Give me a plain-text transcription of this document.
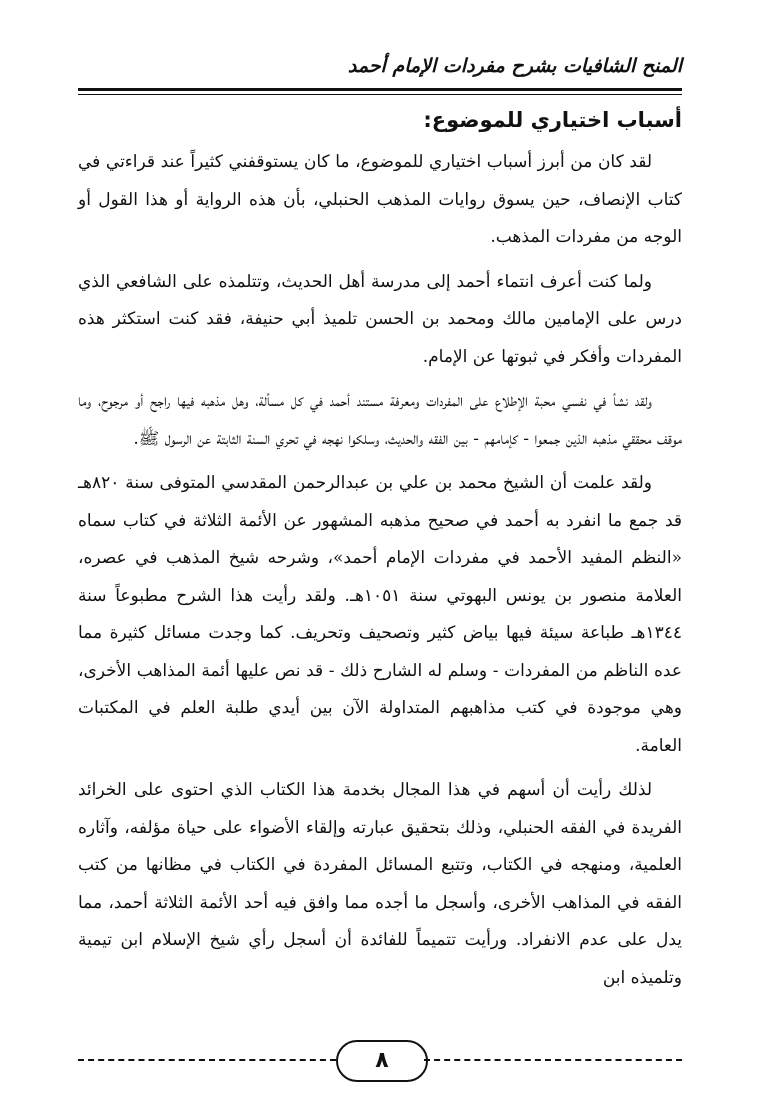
المنح الشافيات بشرح مفردات الإمام أحمد
أسباب اختياري للموضوع:

لقد كان من أبرز أسباب اختياري للموضوع، ما كان يستوقفني كثيراً عند قراءتي في كتاب الإنصاف، حين يسوق روايات المذهب الحنبلي، بأن هذه الرواية أو هذا القول أو الوجه من مفردات المذهب.

ولما كنت أعرف انتماء أحمد إلى مدرسة أهل الحديث، وتتلمذه على الشافعي الذي درس على الإمامين مالك ومحمد بن الحسن تلميذ أبي حنيفة، فقد كنت استكثر هذه المفردات وأفكر في ثبوتها عن الإمام.

ولقد نشأ في نفسي محبة الإطلاع على المفردات ومعرفة مستند أحمد في كل مسألة، وهل مذهبه فيها راجح أو مرجوح، وما موقف محققي مذهبه الذين جمعوا - كإمامهم - بين الفقه والحديث، وسلكوا نهجه في تحري السنة الثابتة عن الرسول ﷺ.

ولقد علمت أن الشيخ محمد بن علي بن عبدالرحمن المقدسي المتوفى سنة ٨٢٠هـ قد جمع ما انفرد به أحمد في صحيح مذهبه المشهور عن الأئمة الثلاثة في كتاب سماه «النظم المفيد الأحمد في مفردات الإمام أحمد»، وشرحه شيخ المذهب في عصره، العلامة منصور بن يونس البهوتي سنة ١٠٥١هـ. ولقد رأيت هذا الشرح مطبوعاً سنة ١٣٤٤هـ طباعة سيئة فيها بياض كثير وتصحيف وتحريف. كما وجدت مسائل كثيرة مما عده الناظم من المفردات - وسلم له الشارح ذلك - قد نص عليها أئمة المذاهب الأخرى، وهي موجودة في كتب مذاهبهم المتداولة الآن بين أيدي طلبة العلم في المكتبات العامة.

لذلك رأيت أن أسهم في هذا المجال بخدمة هذا الكتاب الذي احتوى على الخرائد الفريدة في الفقه الحنبلي، وذلك بتحقيق عبارته وإلقاء الأضواء على حياة مؤلفه، وآثاره العلمية، ومنهجه في الكتاب، وتتبع المسائل المفردة في الكتاب في مظانها من كتب الفقه في المذاهب الأخرى، وأسجل ما أجده مما وافق فيه أحد الأئمة الثلاثة أحمد، مما يدل على عدم الانفراد. ورأيت تتميماً للفائدة أن أسجل رأي شيخ الإسلام ابن تيمية وتلميذه ابن

٨
